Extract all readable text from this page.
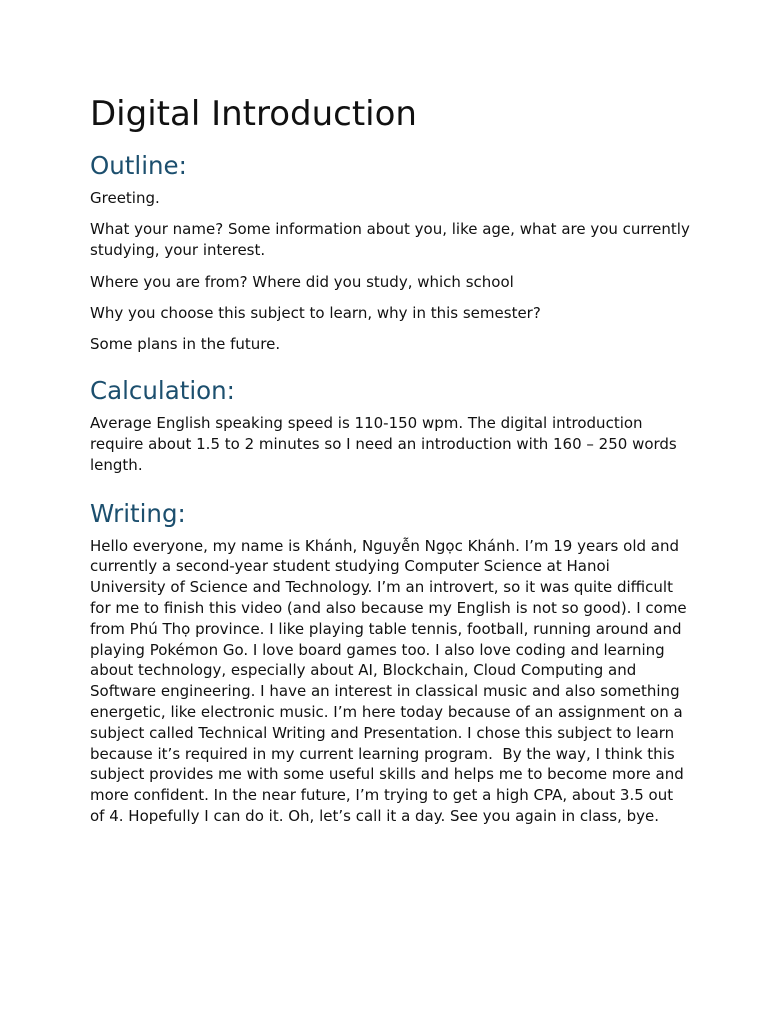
Digital Introduction
Outline:
Greeting.
What your name? Some information about you, like age, what are you currently studying, your interest.
Where you are from? Where did you study, which school
Why you choose this subject to learn, why in this semester?
Some plans in the future.
Calculation:

Average English speaking speed is 110-150 wpm. The digital introduction require about 1.5 to 2 minutes so I need an introduction with 160 – 250 words length.

Writing:

Hello everyone, my name is Khánh, Nguyễn Ngọc Khánh. I’m 19 years old and currently a second-year student studying Computer Science at Hanoi University of Science and Technology. I’m an introvert, so it was quite difficult for me to finish this video (and also because my English is not so good). I come from Phú Thọ province. I like playing table tennis, football, running around and playing Pokémon Go. I love board games too. I also love coding and learning about technology, especially about AI, Blockchain, Cloud Computing and Software engineering. I have an interest in classical music and also something energetic, like electronic music. I’m here today because of an assignment on a subject called Technical Writing and Presentation. I chose this subject to learn because it’s required in my current learning program.  By the way, I think this subject provides me with some useful skills and helps me to become more and more confident. In the near future, I’m trying to get a high CPA, about 3.5 out of 4. Hopefully I can do it. Oh, let’s call it a day. See you again in class, bye.
